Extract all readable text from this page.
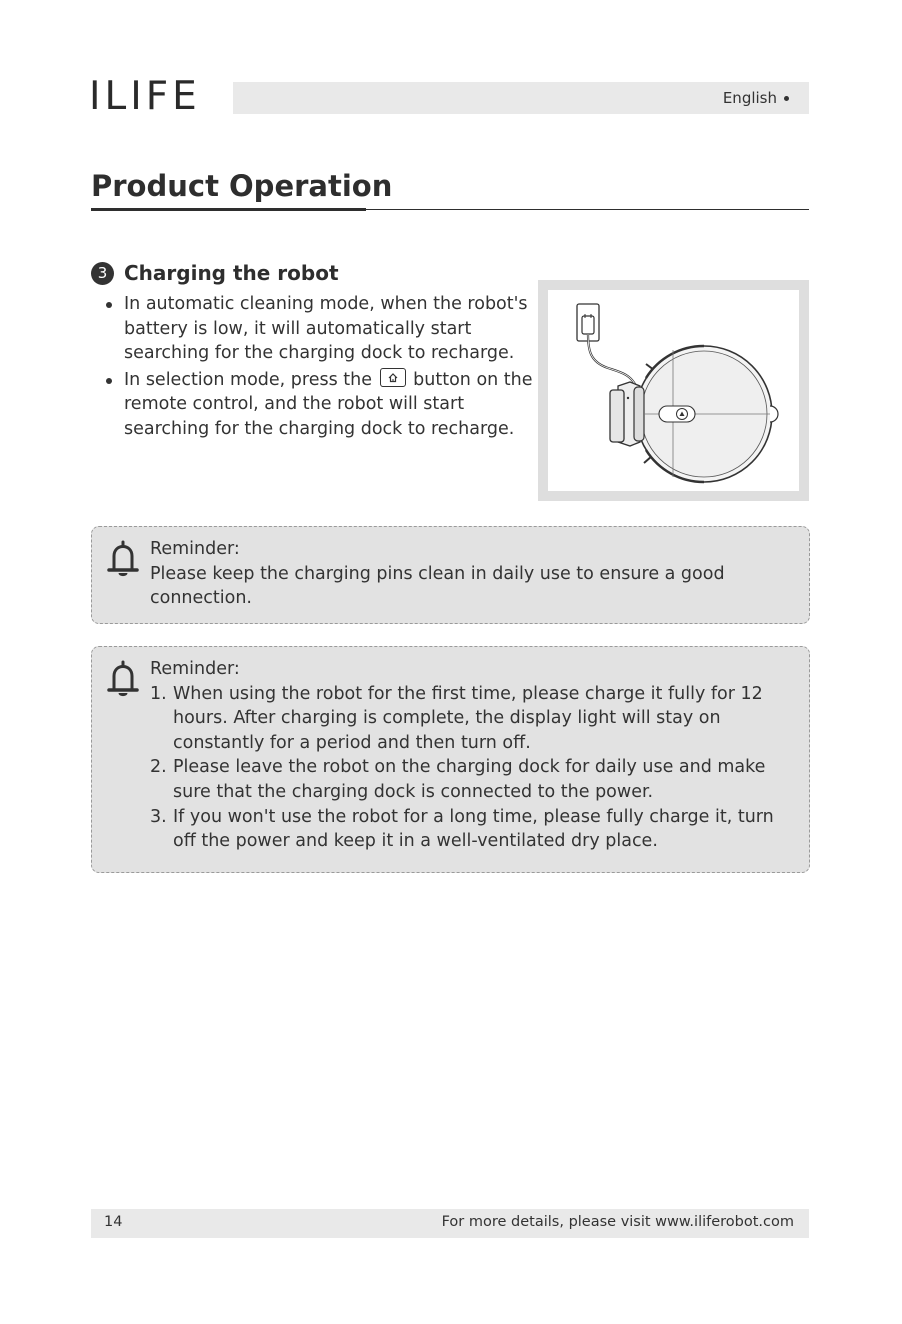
ILIFE	English
Product Operation
3 Charging the robot
In automatic cleaning mode, when the robot's battery is low, it will automatically start searching for the charging dock to recharge.
In selection mode, press the button on the remote control, and the robot will start searching for the charging dock to recharge.
Reminder:
Please keep the charging pins clean in daily use to ensure a good connection.
Reminder:
1. When using the robot for the first time, please charge it fully for 12 hours. After charging is complete, the display light will stay on constantly for a period and then turn off.
2. Please leave the robot on the charging dock for daily use and make sure that the charging dock is connected to the power.
3. If you won't use the robot for a long time, please fully charge it, turn off the power and keep it in a well-ventilated dry place.
14	For more details, please visit www.iliferobot.com
